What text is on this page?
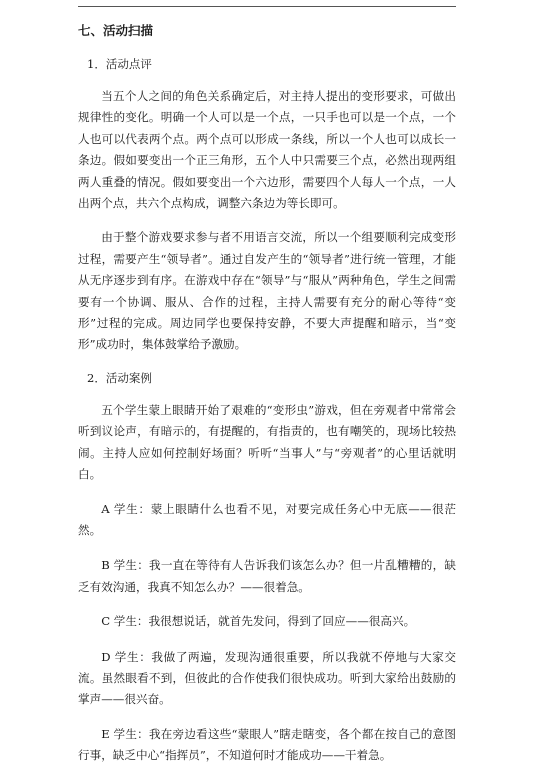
七、活动扫描
1．活动点评

当五个人之间的角色关系确定后，对主持人提出的变形要求，可做出规律性的变化。明确一个人可以是一个点，一只手也可以是一个点，一个人也可以代表两个点。两个点可以形成一条线，所以一个人也可以成长一条边。假如要变出一个正三角形，五个人中只需要三个点，必然出现两组两人重叠的情况。假如要变出一个六边形，需要四个人每人一个点，一人出两个点，共六个点构成，调整六条边为等长即可。

由于整个游戏要求参与者不用语言交流，所以一个组要顺利完成变形过程，需要产生“领导者”。通过自发产生的“领导者”进行统一管理，才能从无序逐步到有序。在游戏中存在“领导”与“服从”两种角色，学生之间需要有一个协调、服从、合作的过程，主持人需要有充分的耐心等待“变形”过程的完成。周边同学也要保持安静，不要大声提醒和暗示，当“变形”成功时，集体鼓掌给予激励。

2．活动案例

五个学生蒙上眼睛开始了艰难的“变形虫”游戏，但在旁观者中常常会听到议论声，有暗示的，有提醒的，有指责的，也有嘲笑的，现场比较热闹。主持人应如何控制好场面？听听“当事人”与“旁观者”的心里话就明白。

A 学生：蒙上眼睛什么也看不见，对要完成任务心中无底——很茫然。

B 学生：我一直在等待有人告诉我们该怎么办？但一片乱糟糟的，缺乏有效沟通，我真不知怎么办？——很着急。

C 学生：我很想说话，就首先发问，得到了回应——很高兴。

D 学生：我做了两遍，发现沟通很重要，所以我就不停地与大家交流。虽然眼看不到，但彼此的合作使我们很快成功。听到大家给出鼓励的掌声——很兴奋。

E 学生：我在旁边看这些“蒙眼人”瞎走瞎变，各个都在按自己的意图行事，缺乏中心“指挥员”，不知道何时才能成功——干着急。
